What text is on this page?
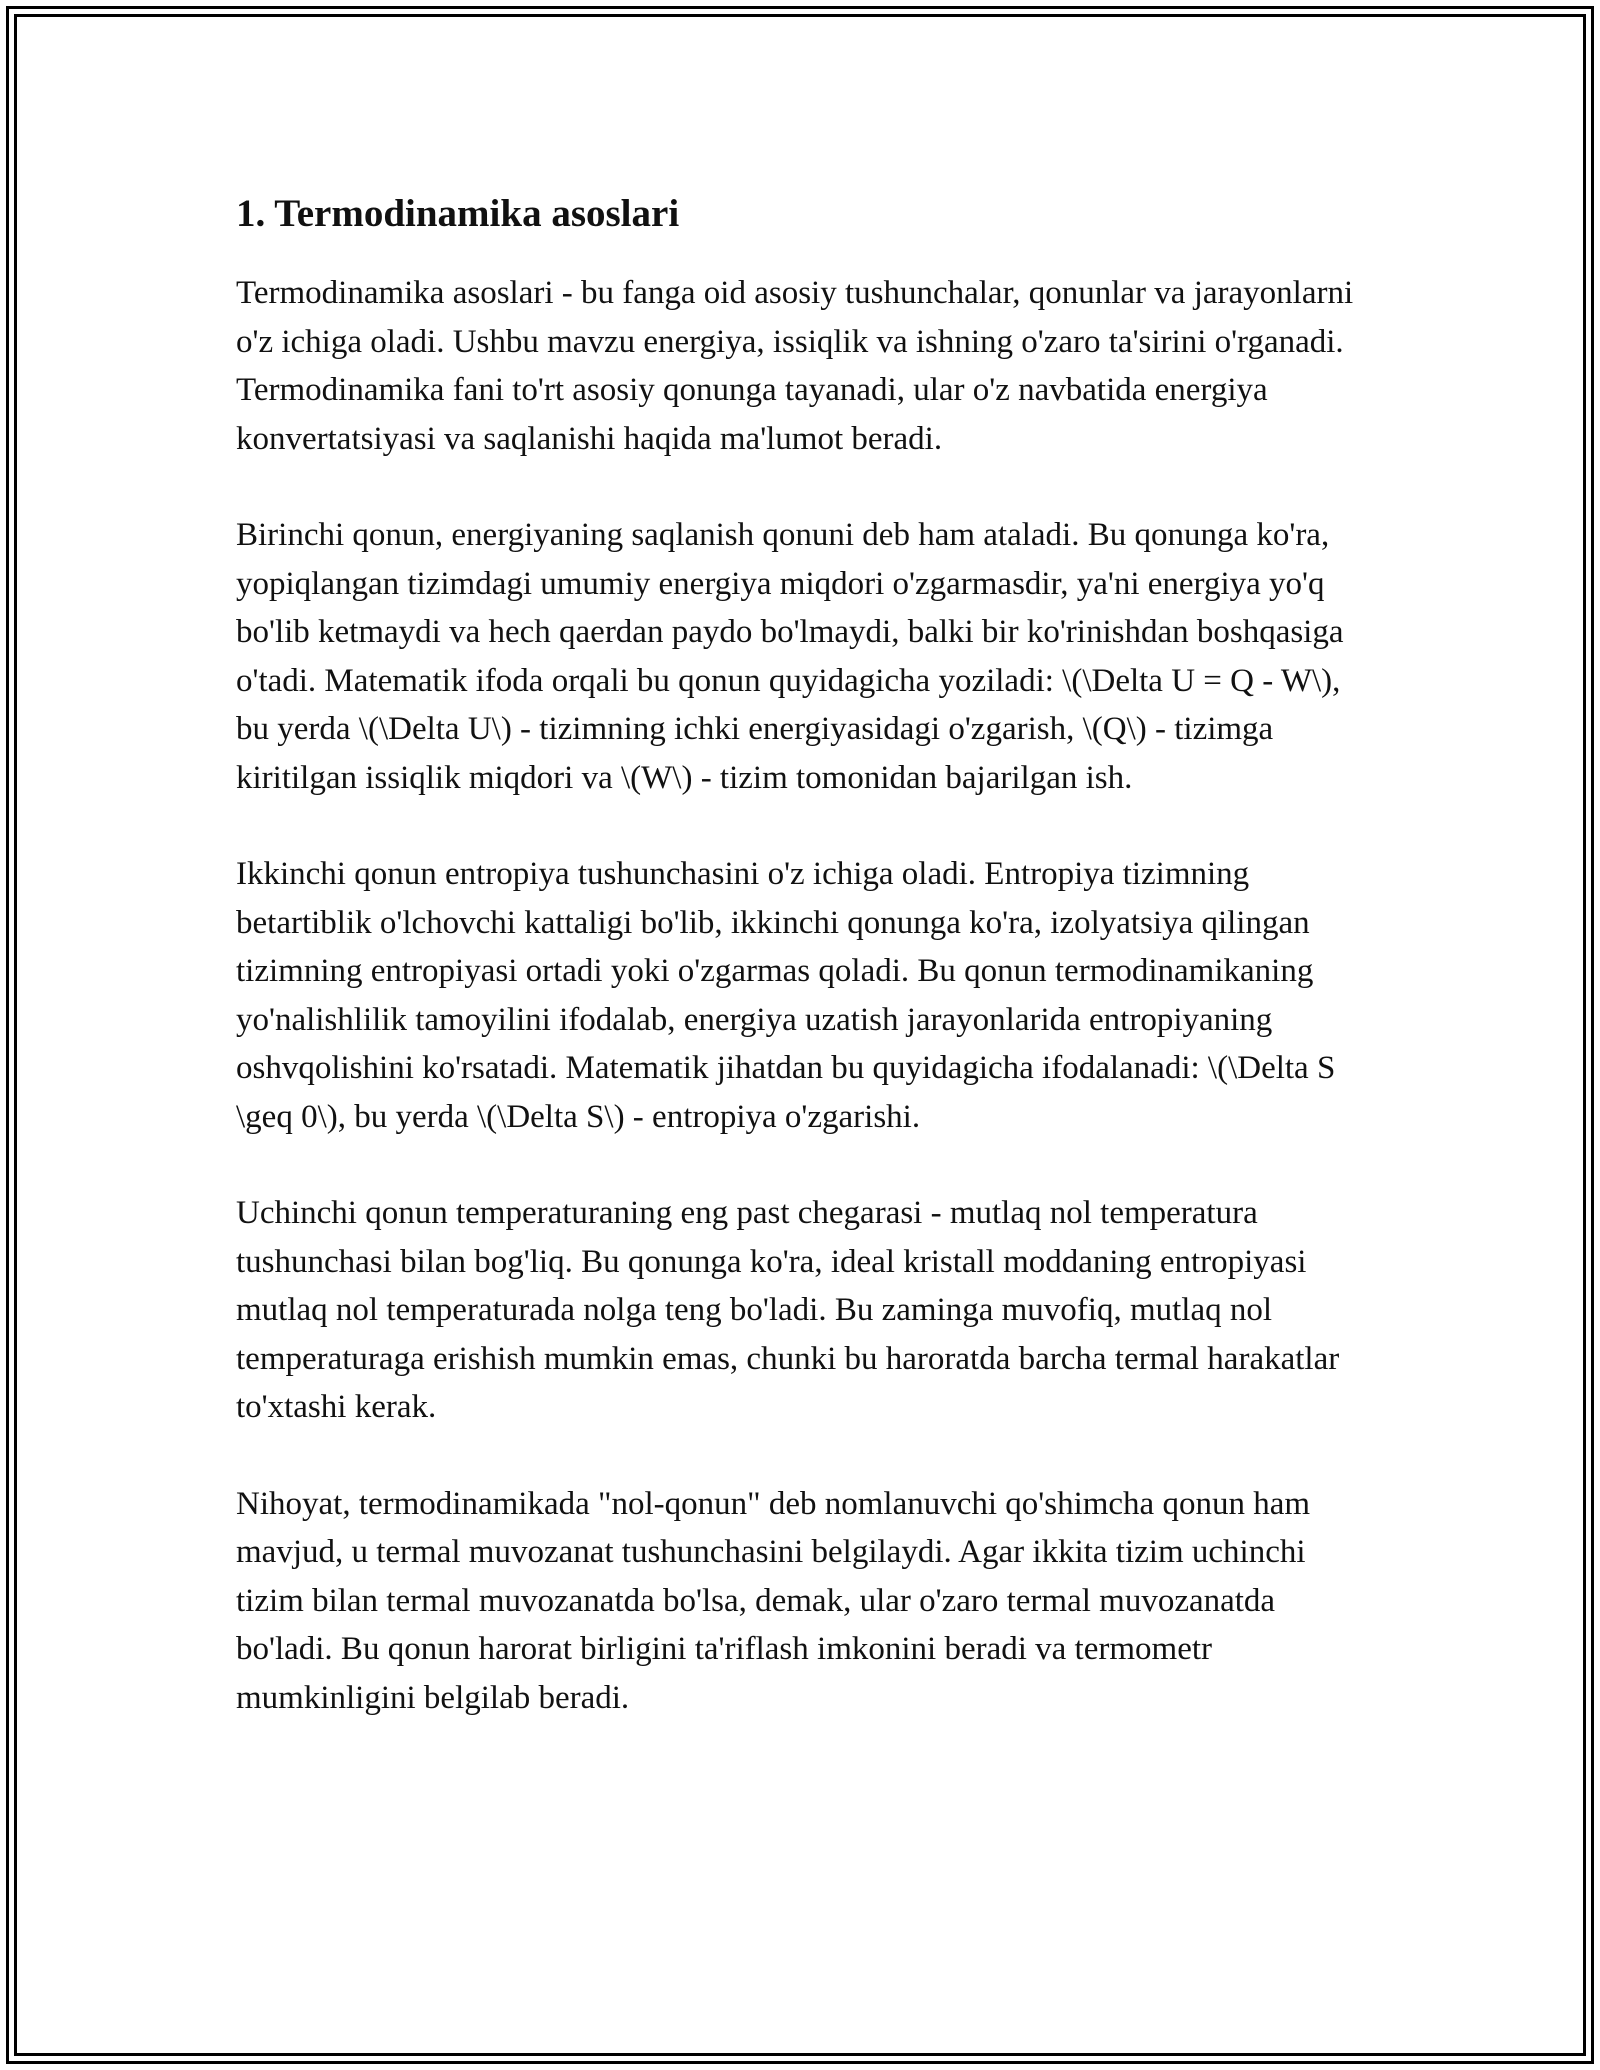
1. Termodinamika asoslari

Termodinamika asoslari - bu fanga oid asosiy tushunchalar, qonunlar va jarayonlarni o'z ichiga oladi. Ushbu mavzu energiya, issiqlik va ishning o'zaro ta'sirini o'rganadi. Termodinamika fani to'rt asosiy qonunga tayanadi, ular o'z navbatida energiya konvertatsiyasi va saqlanishi haqida ma'lumot beradi.

Birinchi qonun, energiyaning saqlanish qonuni deb ham ataladi. Bu qonunga ko'ra, yopiqlangan tizimdagi umumiy energiya miqdori o'zgarmasdir, ya'ni energiya yo'q bo'lib ketmaydi va hech qaerdan paydo bo'lmaydi, balki bir ko'rinishdan boshqasiga o'tadi. Matematik ifoda orqali bu qonun quyidagicha yoziladi: \(\Delta U = Q - W\), bu yerda \(\Delta U\) - tizimning ichki energiyasidagi o'zgarish, \(Q\) - tizimga kiritilgan issiqlik miqdori va \(W\) - tizim tomonidan bajarilgan ish.

Ikkinchi qonun entropiya tushunchasini o'z ichiga oladi. Entropiya tizimning betartiblik o'lchovchi kattaligi bo'lib, ikkinchi qonunga ko'ra, izolyatsiya qilingan tizimning entropiyasi ortadi yoki o'zgarmas qoladi. Bu qonun termodinamikaning yo'nalishlilik tamoyilini ifodalab, energiya uzatish jarayonlarida entropiyaning oshvqolishini ko'rsatadi. Matematik jihatdan bu quyidagicha ifodalanadi: \(\Delta S \geq 0\), bu yerda \(\Delta S\) - entropiya o'zgarishi.

Uchinchi qonun temperaturaning eng past chegarasi - mutlaq nol temperatura tushunchasi bilan bog'liq. Bu qonunga ko'ra, ideal kristall moddaning entropiyasi mutlaq nol temperaturada nolga teng bo'ladi. Bu zaminga muvofiq, mutlaq nol temperaturaga erishish mumkin emas, chunki bu haroratda barcha termal harakatlar to'xtashi kerak.

Nihoyat, termodinamikada "nol-qonun" deb nomlanuvchi qo'shimcha qonun ham mavjud, u termal muvozanat tushunchasini belgilaydi. Agar ikkita tizim uchinchi tizim bilan termal muvozanatda bo'lsa, demak, ular o'zaro termal muvozanatda bo'ladi. Bu qonun harorat birligini ta'riflash imkonini beradi va termometr mumkinligini belgilab beradi.
